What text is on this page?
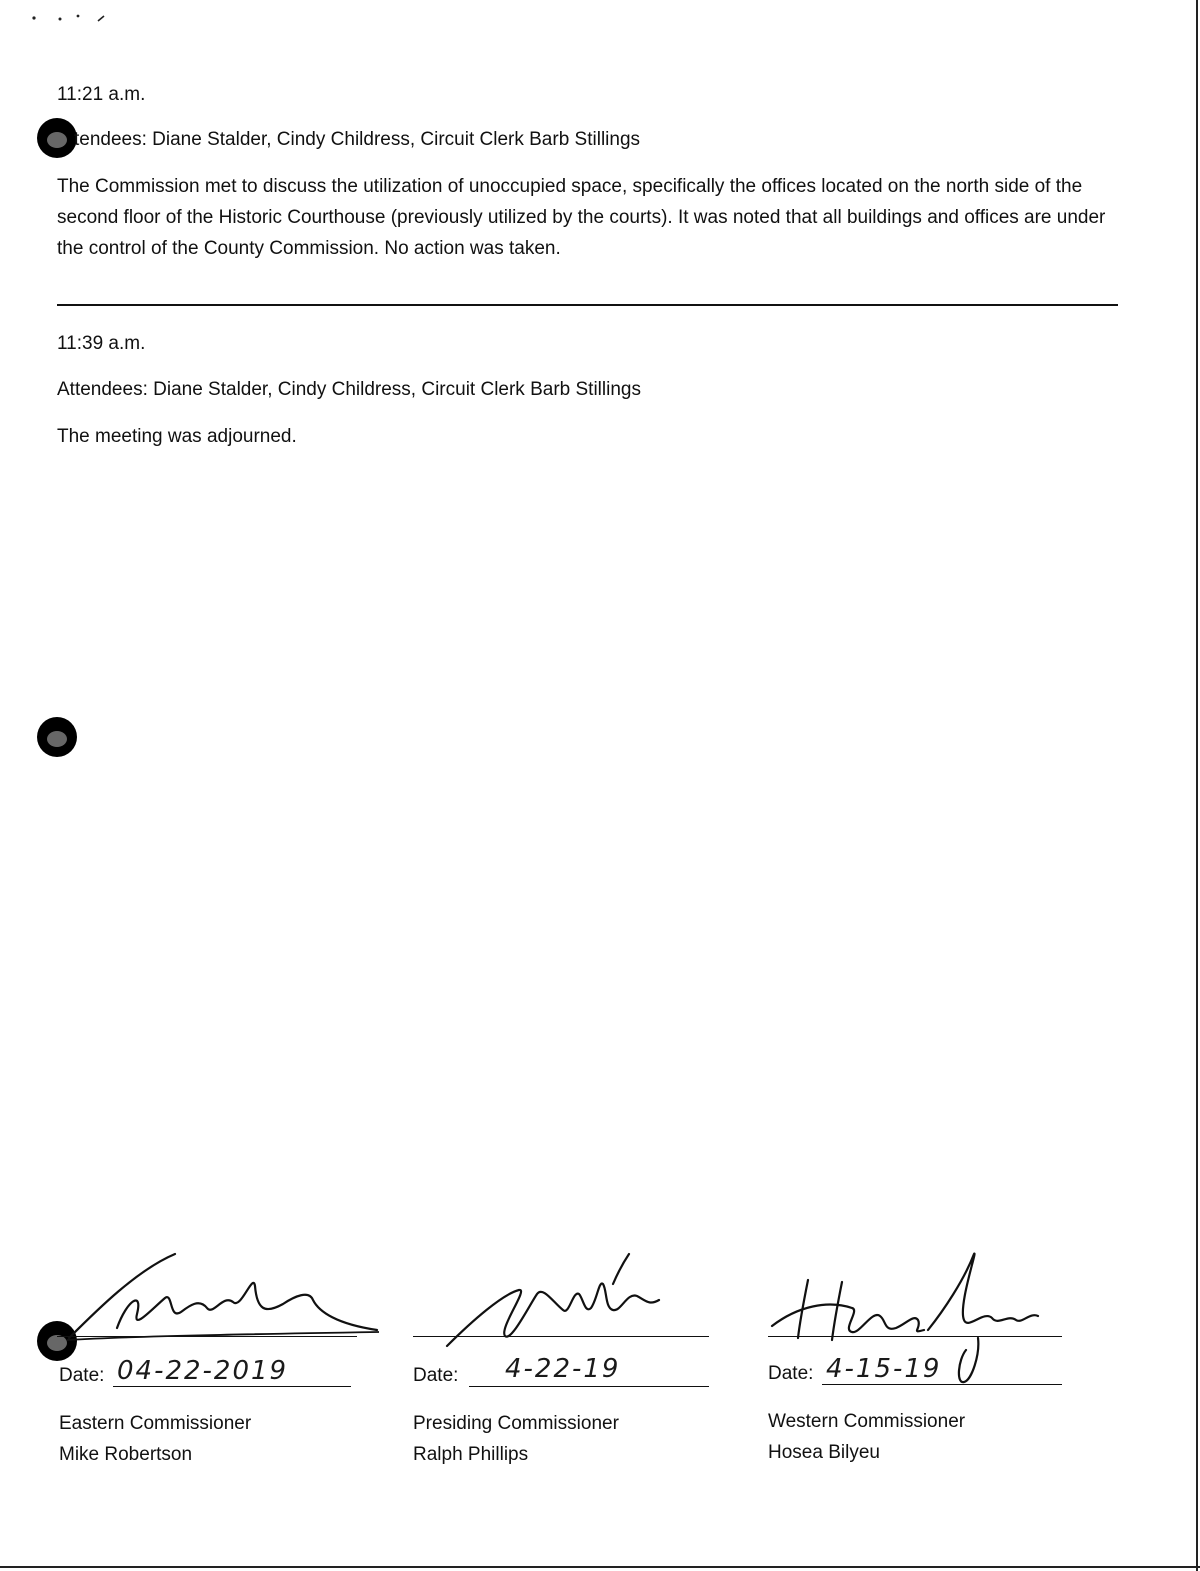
11:21 a.m.
tendees: Diane Stalder, Cindy Childress, Circuit Clerk Barb Stillings
The Commission met to discuss the utilization of unoccupied space, specifically the offices located on the north side of the second floor of the Historic Courthouse (previously utilized by the courts). It was noted that all buildings and offices are under the control of the County Commission. No action was taken.
11:39 a.m.
Attendees: Diane Stalder, Cindy Childress, Circuit Clerk Barb Stillings
The meeting was adjourned.
Date: 04-22-2019
Eastern Commissioner
Mike Robertson
Date: 4-22-19
Presiding Commissioner
Ralph Phillips
Date: 4-15-19
Western Commissioner
Hosea Bilyeu
